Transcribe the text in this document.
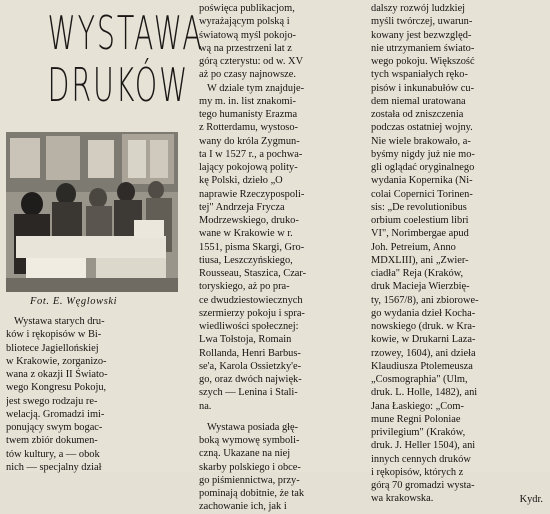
WYSTAWA
DRUKÓW
Fot. E. Węglowski
Wystawa starych dru-
ków i rękopisów w Bi-
bliotece Jagiellońskiej
w Krakowie, zorganizo-
wana z okazji II Świato-
wego Kongresu Pokoju,
jest swego rodzaju re-
welacją. Gromadzi imi-
ponujący swym bogac-
twem zbiór dokumen-
tów kultury, a — obok
nich — specjalny dział
poświęca publikacjom,
wyrażającym polską i
światową myśl pokojo-
wą na przestrzeni lat z
górą czterystu: od w. XV
aż po czasy najnowsze.
W dziale tym znajduje-
my m. in. list znakomi-
tego humanisty Erazma
z Rotterdamu, wystoso-
wany do króla Zygmun-
ta I w 1527 r., a pochwa-
lający pokojową polity-
kę Polski, dzieło „O
naprawie Rzeczypospoli-
tej" Andrzeja Frycza
Modrzewskiego, druko-
wane w Krakowie w r.
1551, pisma Skargi, Gro-
tiusa, Leszczyńskiego,
Rousseau, Staszica, Czar-
toryskiego, aż po pra-
ce dwudziestowiecznych
szermierzy pokoju i spra-
wiedliwości społecznej:
Lwa Tołstoja, Romain
Rollanda, Henri Barbus-
se'a, Karola Ossietzky'e-
go, oraz dwóch najwięk-
szych — Lenina i Stali-
na.
Wystawa posiada głę-
boką wymowę symboli-
czną. Ukazane na niej
skarby polskiego i obce-
go piśmiennictwa, przy-
pominają dobitnie, że tak
zachowanie ich, jak i
dalszy rozwój ludzkiej
myśli twórczej, uwarun-
kowany jest bezwzględ-
nie utrzymaniem świato-
wego pokoju. Większość
tych wspaniałych ręko-
pisów i inkunabułów cu-
dem niemal uratowana
została od zniszczenia
podczas ostatniej wojny.
Nie wiele brakowało, a-
byśmy nigdy już nie mo-
gli oglądać oryginalnego
wydania Kopernika (Ni-
colai Copernici Torinen-
sis: „De revolutionibus
orbium coelestium libri
VI", Norimbergae apud
Joh. Petreium, Anno
MDXLIII), ani „Zwier-
ciadła" Reja (Kraków,
druk Macieja Wierzbię-
ty, 1567/8), ani zbiorowe-
go wydania dzieł Kocha-
nowskiego (druk. w Kra-
kowie, w Drukarni Laza-
rzowey, 1604), ani dzieła
Klaudiusza Ptolemeusza
„Cosmographia" (Ulm,
druk. L. Holle, 1482), ani
Jana Łaskiego: „Com-
mune Regni Poloniae
privilegium" (Kraków,
druk. J. Heller 1504), ani
innych cennych druków
i rękopisów, których z
górą 70 gromadzi wysta-
wa krakowska.	Kydr.
